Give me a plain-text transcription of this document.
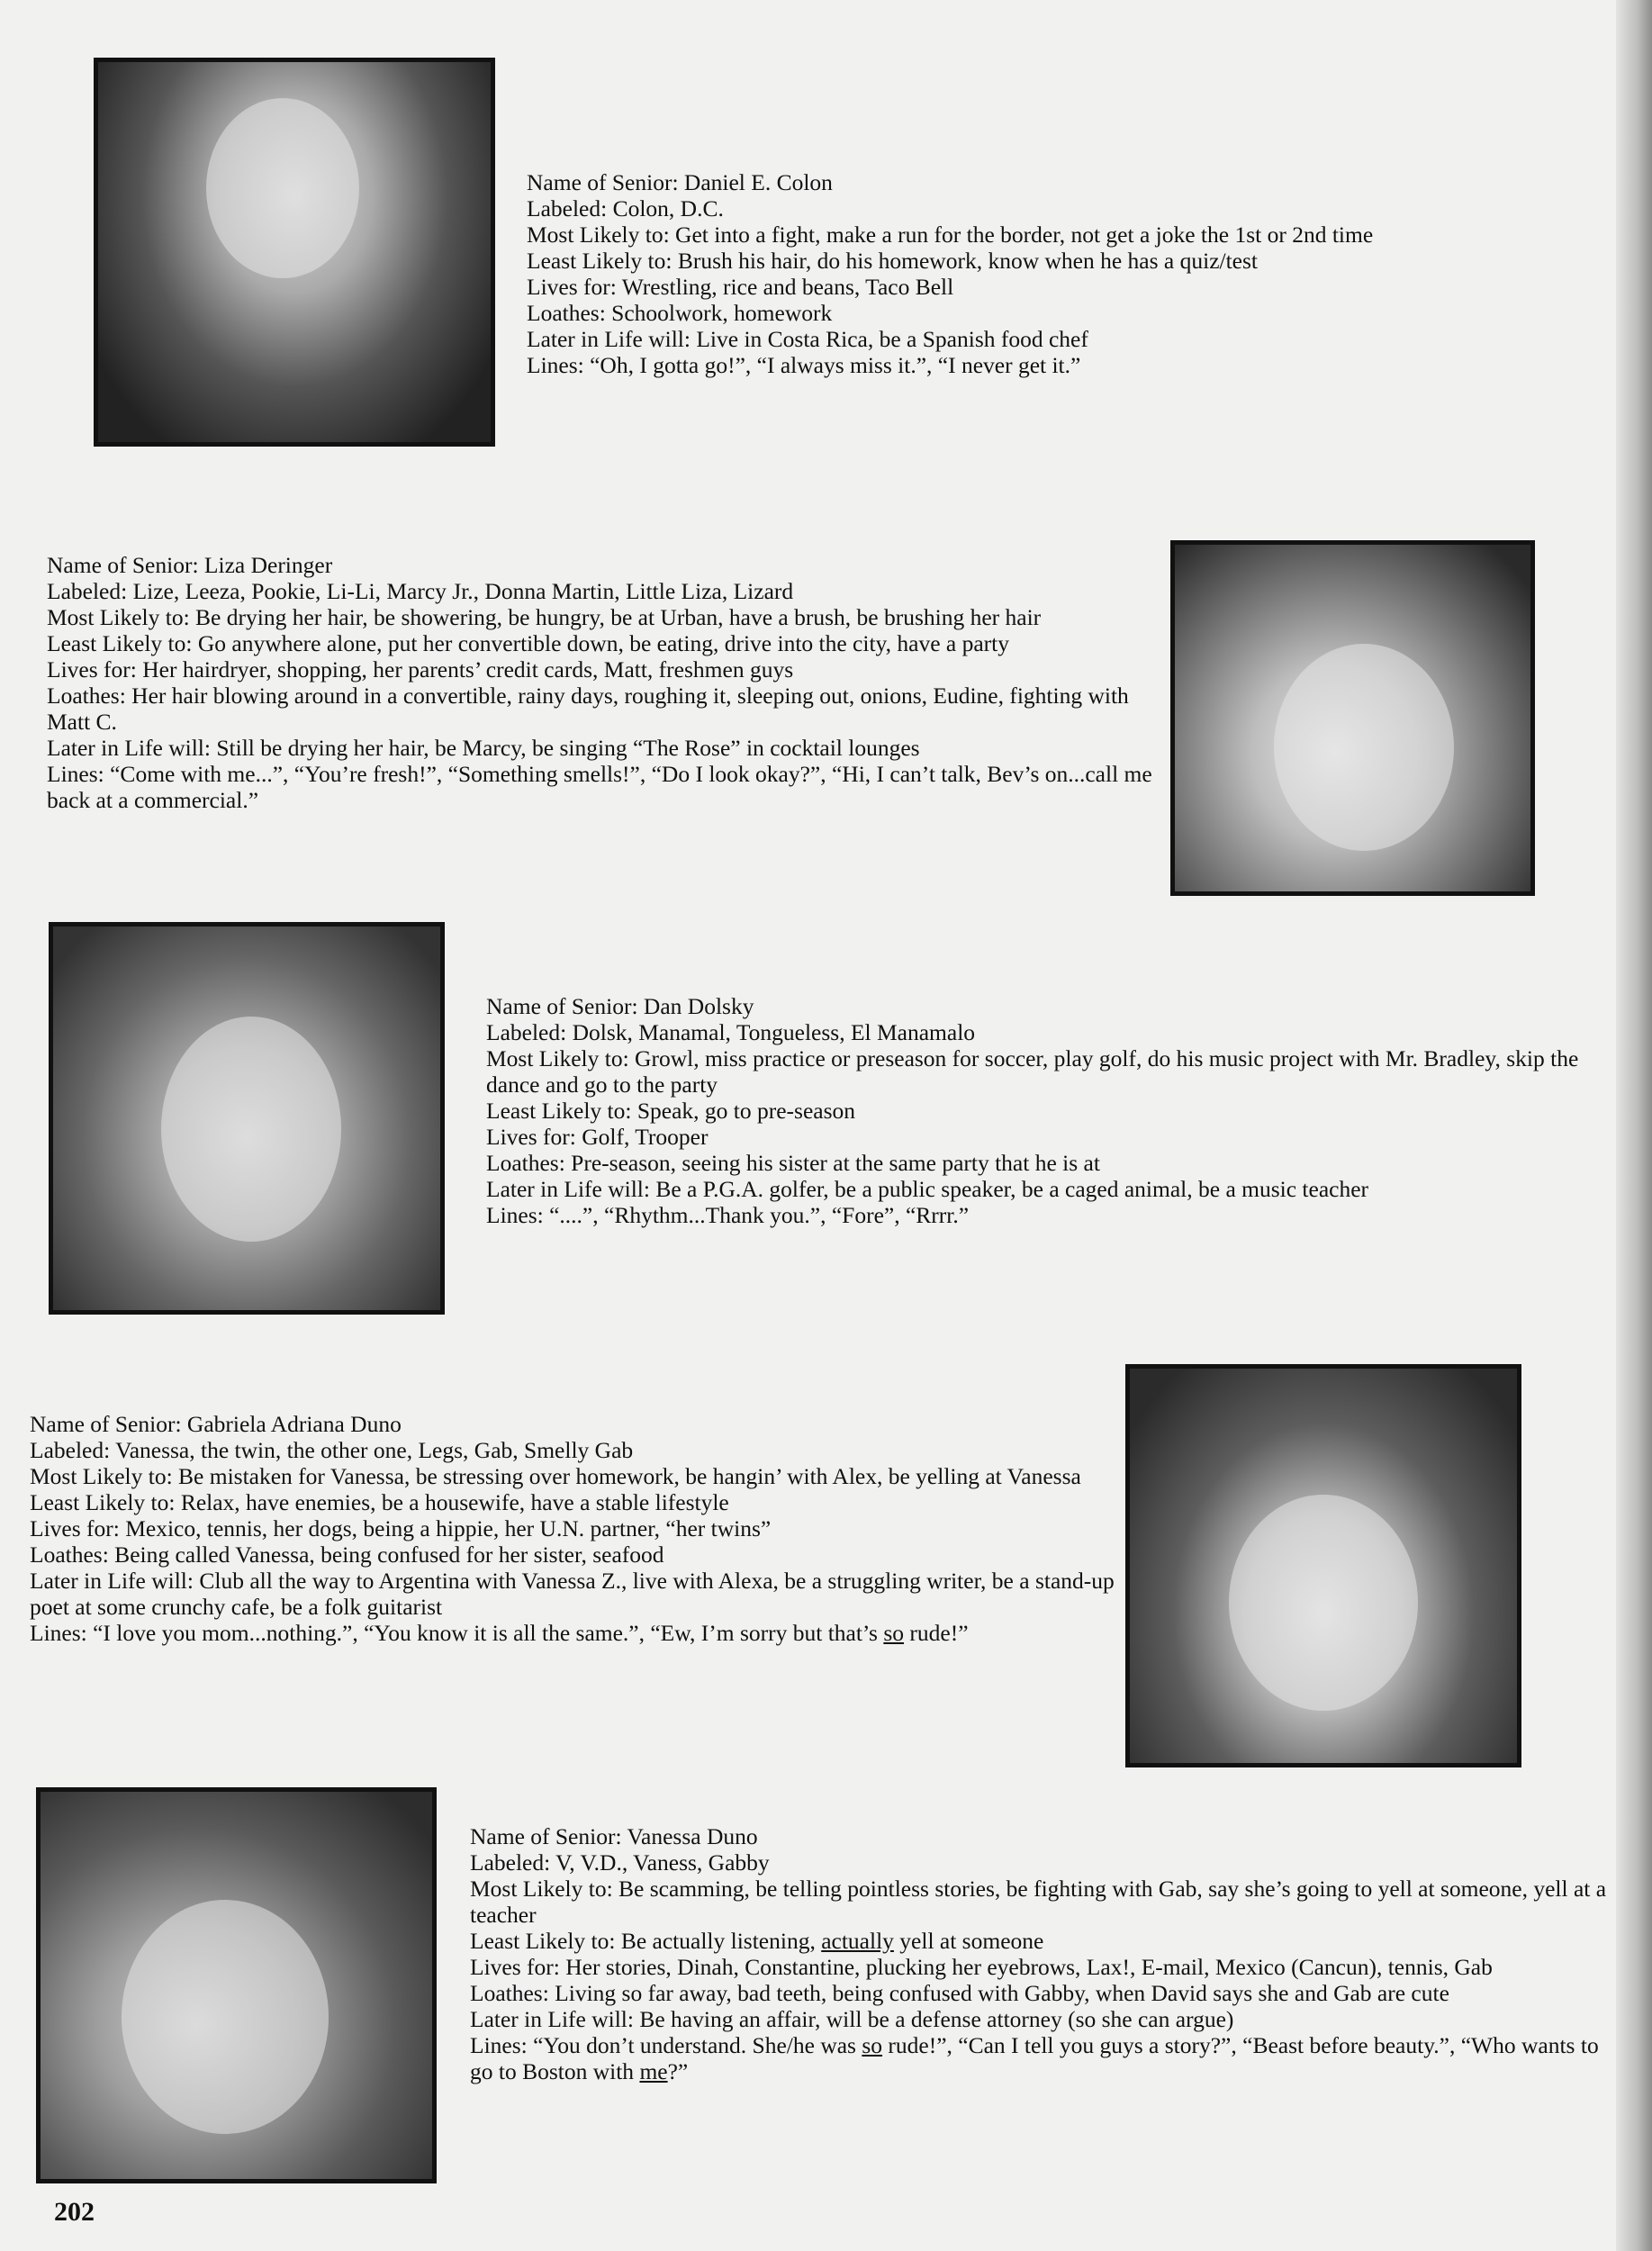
Name of Senior: Daniel E. Colon

Labeled: Colon, D.C.

Most Likely to: Get into a fight, make a run for the border, not get a joke the 1st or 2nd time

Least Likely to: Brush his hair, do his homework, know when he has a quiz/test

Lives for: Wrestling, rice and beans, Taco Bell

Loathes: Schoolwork, homework

Later in Life will: Live in Costa Rica, be a Spanish food chef

Lines: “Oh, I gotta go!”, “I always miss it.”, “I never get it.”

Name of Senior: Liza Deringer

Labeled: Lize, Leeza, Pookie, Li-Li, Marcy Jr., Donna Martin, Little Liza, Lizard

Most Likely to: Be drying her hair, be showering, be hungry, be at Urban, have a brush, be brushing her hair

Least Likely to: Go anywhere alone, put her convertible down, be eating, drive into the city, have a party

Lives for: Her hairdryer, shopping, her parents’ credit cards, Matt, freshmen guys

Loathes: Her hair blowing around in a convertible, rainy days, roughing it, sleeping out, onions, Eudine, fighting with Matt C.

Later in Life will: Still be drying her hair, be Marcy, be singing “The Rose” in cocktail lounges

Lines: “Come with me...”, “You’re fresh!”, “Something smells!”, “Do I look okay?”, “Hi, I can’t talk, Bev’s on...call me back at a commercial.”

Name of Senior: Dan Dolsky

Labeled: Dolsk, Manamal, Tongueless, El Manamalo

Most Likely to: Growl, miss practice or preseason for soccer, play golf, do his music project with Mr. Bradley, skip the dance and go to the party

Least Likely to: Speak, go to pre-season

Lives for: Golf, Trooper

Loathes: Pre-season, seeing his sister at the same party that he is at

Later in Life will: Be a P.G.A. golfer, be a public speaker, be a caged animal, be a music teacher

Lines: “....”, “Rhythm...Thank you.”, “Fore”, “Rrrr.”

Name of Senior: Gabriela Adriana Duno

Labeled: Vanessa, the twin, the other one, Legs, Gab, Smelly Gab

Most Likely to: Be mistaken for Vanessa, be stressing over homework, be hangin’ with Alex, be yelling at Vanessa

Least Likely to: Relax, have enemies, be a housewife, have a stable lifestyle

Lives for: Mexico, tennis, her dogs, being a hippie, her U.N. partner, “her twins”

Loathes: Being called Vanessa, being confused for her sister, seafood

Later in Life will: Club all the way to Argentina with Vanessa Z., live with Alexa, be a struggling writer, be a stand-up poet at some crunchy cafe, be a folk guitarist

Lines: “I love you mom...nothing.”, “You know it is all the same.”, “Ew, I’m sorry but that’s so rude!”

Name of Senior: Vanessa Duno

Labeled: V, V.D., Vaness, Gabby

Most Likely to: Be scamming, be telling pointless stories, be fighting with Gab, say she’s going to yell at someone, yell at a teacher

Least Likely to: Be actually listening, actually yell at someone

Lives for: Her stories, Dinah, Constantine, plucking her eyebrows, Lax!, E-mail, Mexico (Cancun), tennis, Gab

Loathes: Living so far away, bad teeth, being confused with Gabby, when David says she and Gab are cute

Later in Life will: Be having an affair, will be a defense attorney (so she can argue)

Lines: “You don’t understand. She/he was so rude!”, “Can I tell you guys a story?”, “Beast before beauty.”, “Who wants to go to Boston with me?”

202
